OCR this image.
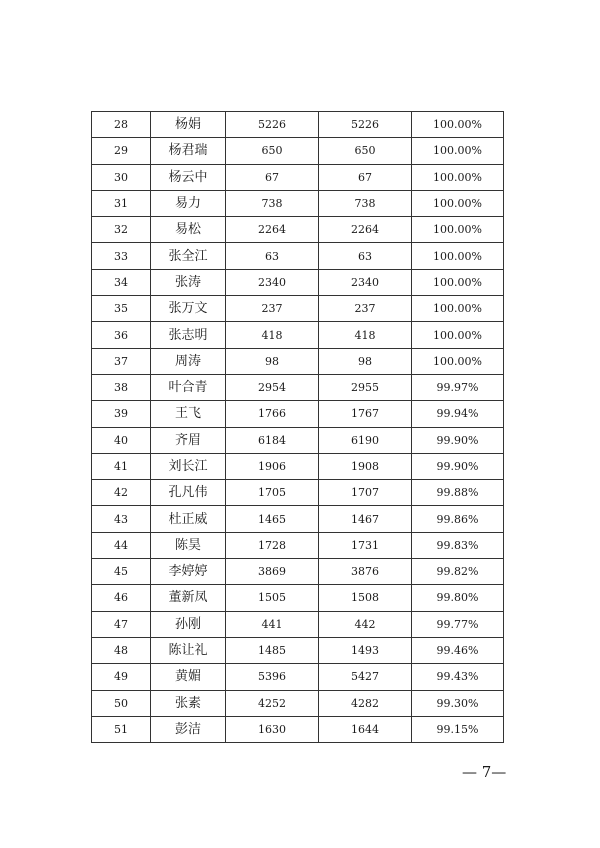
28	杨娟	5226	5226	100.00%
29	杨君瑞	650	650	100.00%
30	杨云中	67	67	100.00%
31	易力	738	738	100.00%
32	易松	2264	2264	100.00%
33	张全江	63	63	100.00%
34	张涛	2340	2340	100.00%
35	张万文	237	237	100.00%
36	张志明	418	418	100.00%
37	周涛	98	98	100.00%
38	叶合青	2954	2955	99.97%
39	王飞	1766	1767	99.94%
40	齐眉	6184	6190	99.90%
41	刘长江	1906	1908	99.90%
42	孔凡伟	1705	1707	99.88%
43	杜正威	1465	1467	99.86%
44	陈昊	1728	1731	99.83%
45	李婷婷	3869	3876	99.82%
46	董新凤	1505	1508	99.80%
47	孙刚	441	442	99.77%
48	陈让礼	1485	1493	99.46%
49	黄媚	5396	5427	99.43%
50	张素	4252	4282	99.30%
51	彭洁	1630	1644	99.15%
— 7—
